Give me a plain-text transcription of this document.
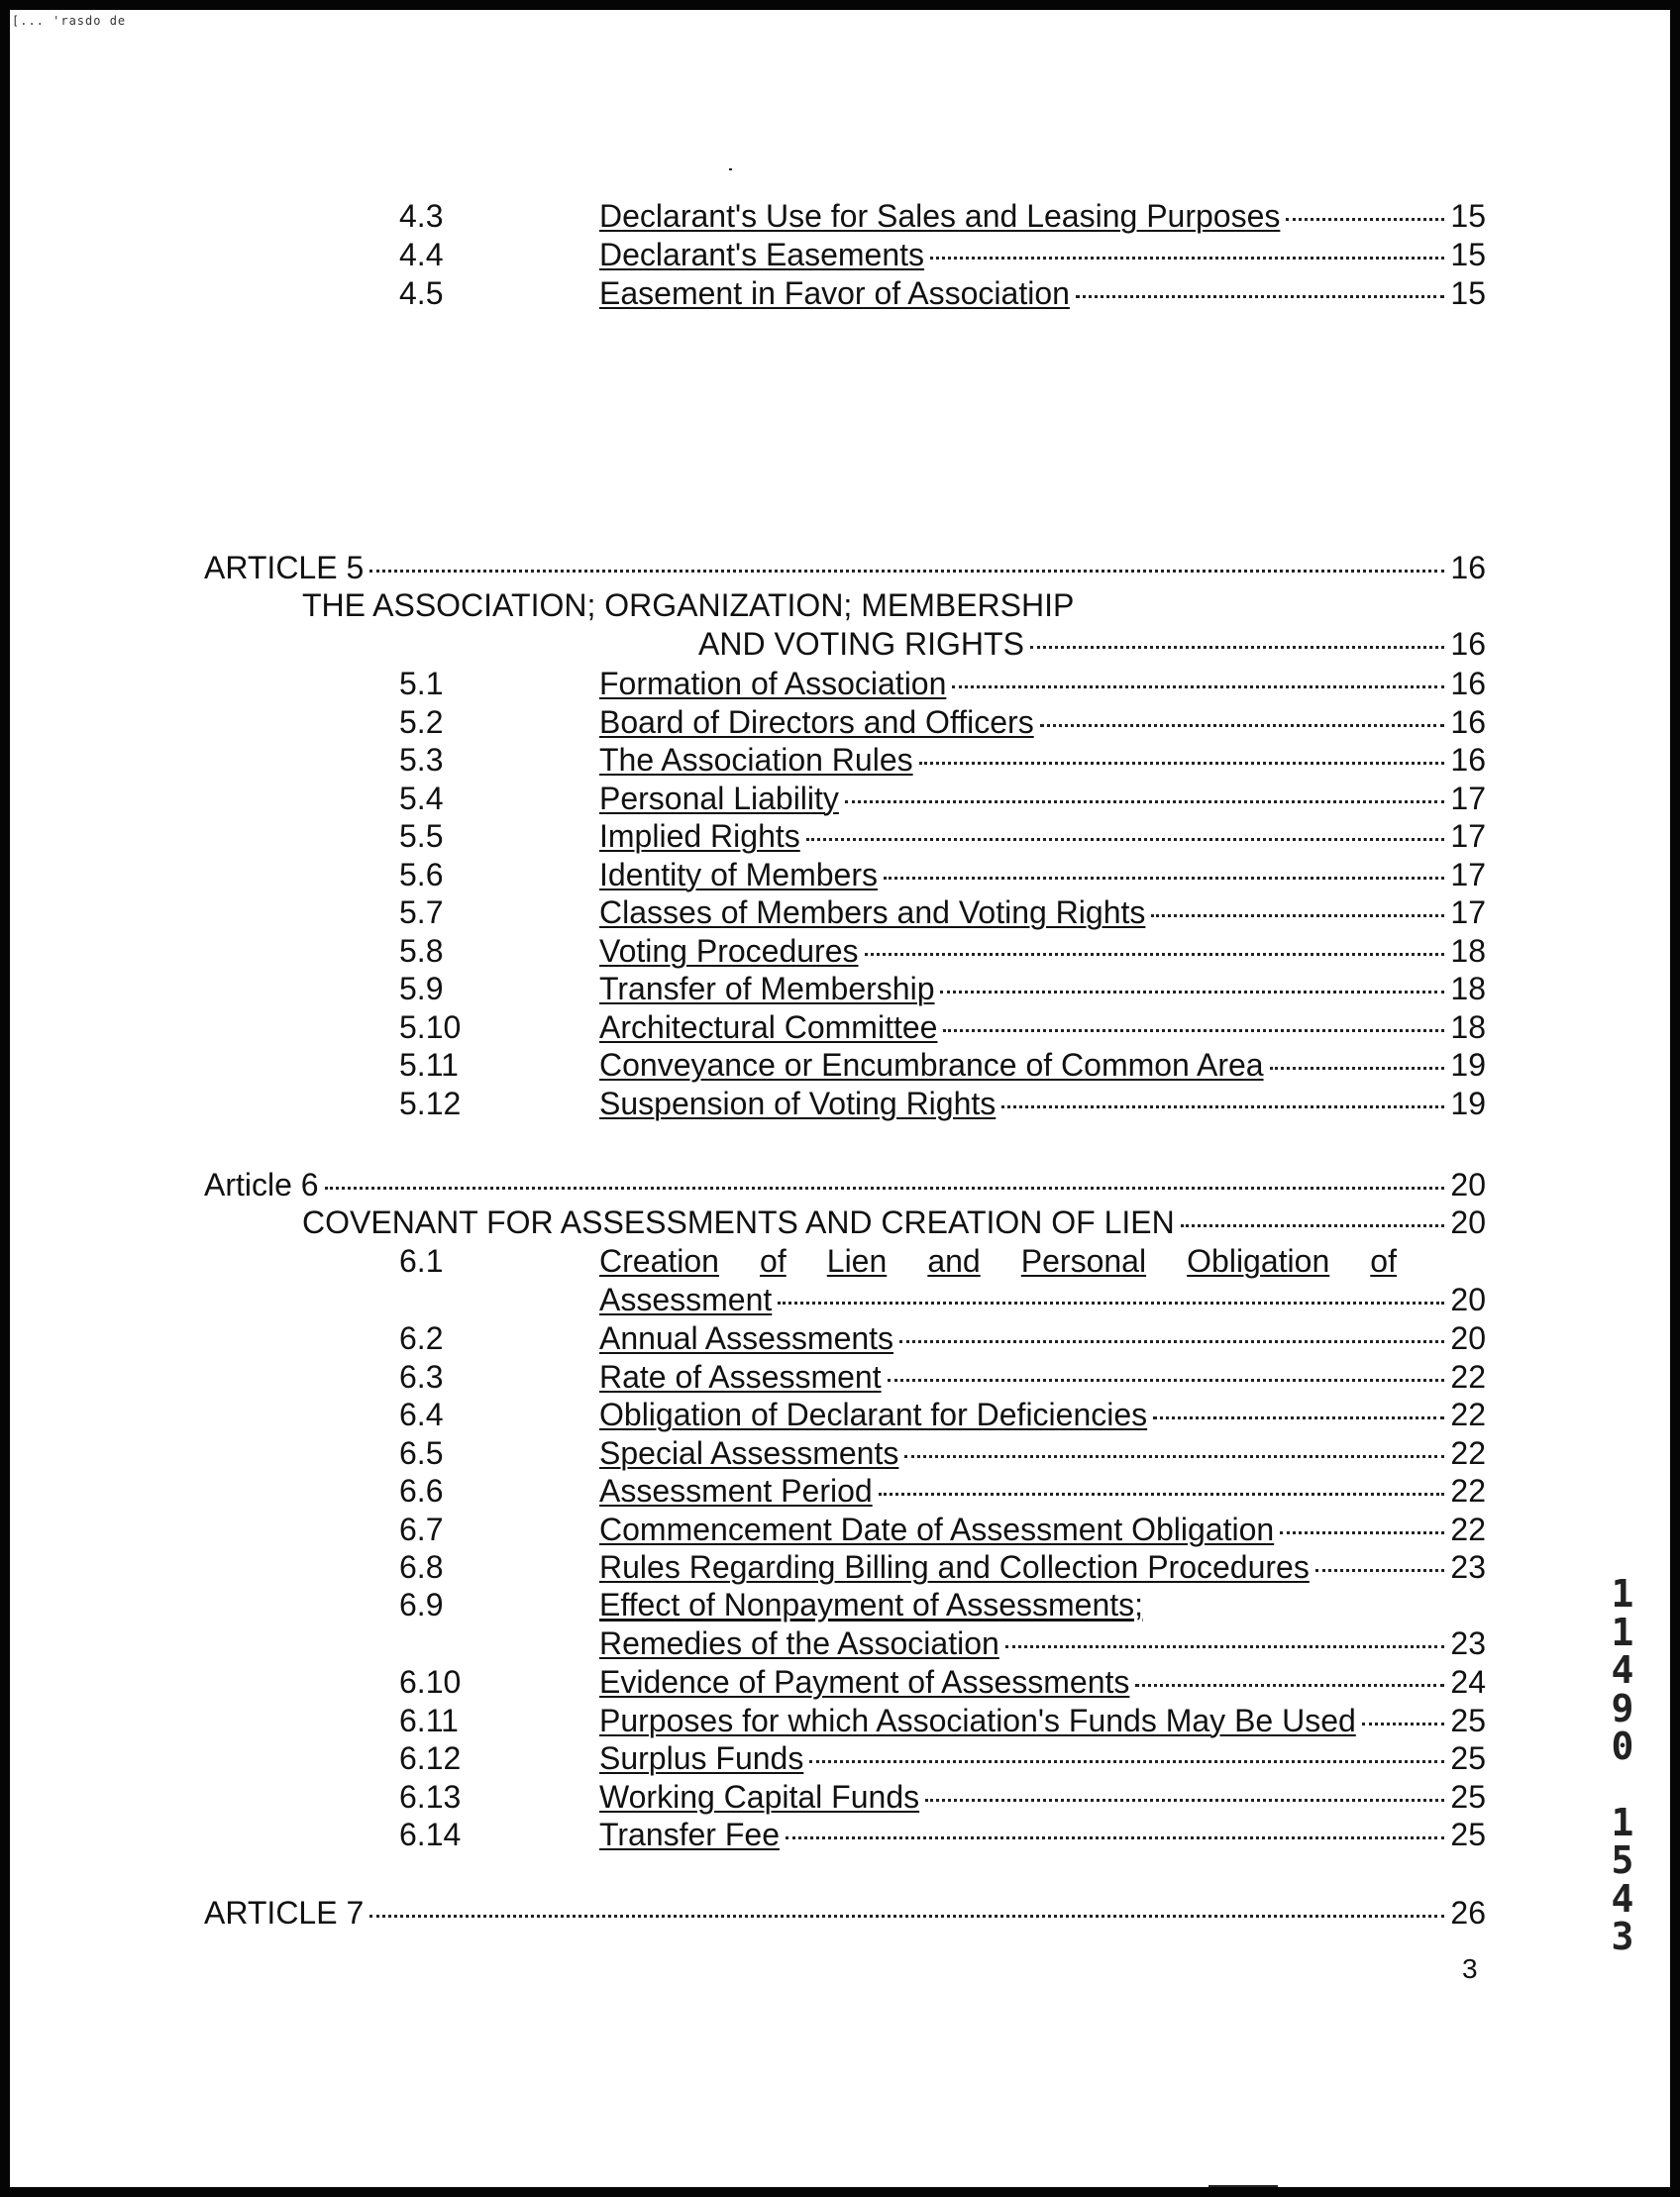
[... 'rasdo de
4.3	Declarant's Use for Sales and Leasing Purposes	15
4.4	Declarant's Easements	15
4.5	Easement in Favor of Association	15
ARTICLE 5	16
THE ASSOCIATION; ORGANIZATION; MEMBERSHIP
AND VOTING RIGHTS	16
5.1	Formation of Association	16
5.2	Board of Directors and Officers	16
5.3	The Association Rules	16
5.4	Personal Liability	17
5.5	Implied Rights	17
5.6	Identity of Members	17
5.7	Classes of Members and Voting Rights	17
5.8	Voting Procedures	18
5.9	Transfer of Membership	18
5.10	Architectural Committee	18
5.11	Conveyance or Encumbrance of Common Area	19
5.12	Suspension of Voting Rights	19
Article 6	20
COVENANT FOR ASSESSMENTS AND CREATION OF LIEN	20
6.1	Creation of Lien and Personal Obligation of
Assessment	20
6.2	Annual Assessments	20
6.3	Rate of Assessment	22
6.4	Obligation of Declarant for Deficiencies	22
6.5	Special Assessments	22
6.6	Assessment Period	22
6.7	Commencement Date of Assessment Obligation	22
6.8	Rules Regarding Billing and Collection Procedures	23
6.9	Effect of Nonpayment of Assessments;
Remedies of the Association	23
6.10	Evidence of Payment of Assessments	24
6.11	Purposes for which Association's Funds May Be Used	25
6.12	Surplus Funds	25
6.13	Working Capital Funds	25
6.14	Transfer Fee	25
ARTICLE 7	26
1
1
4
9
0
1
5
4
3
3
